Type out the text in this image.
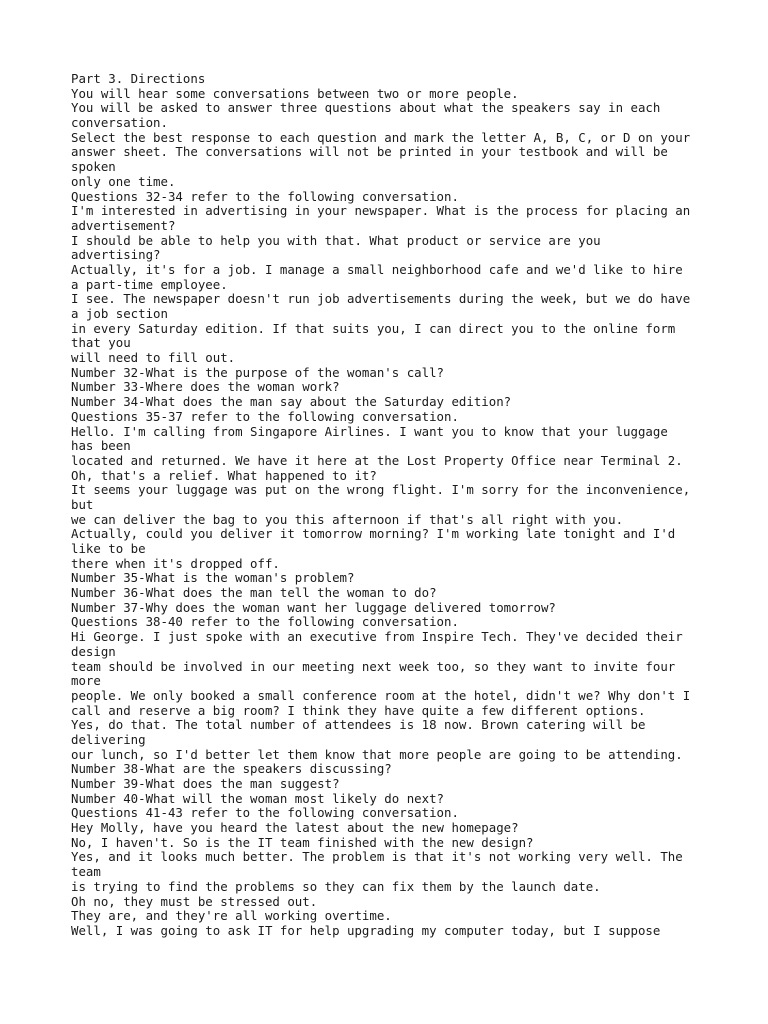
Part 3. Directions
You will hear some conversations between two or more people.
You will be asked to answer three questions about what the speakers say in each
conversation.
Select the best response to each question and mark the letter A, B, C, or D on your
answer sheet. The conversations will not be printed in your testbook and will be
spoken
only one time.
Questions 32-34 refer to the following conversation.
I'm interested in advertising in your newspaper. What is the process for placing an
advertisement?
I should be able to help you with that. What product or service are you
advertising?
Actually, it's for a job. I manage a small neighborhood cafe and we'd like to hire
a part-time employee.
I see. The newspaper doesn't run job advertisements during the week, but we do have
a job section
in every Saturday edition. If that suits you, I can direct you to the online form
that you
will need to fill out.
Number 32-What is the purpose of the woman's call?
Number 33-Where does the woman work?
Number 34-What does the man say about the Saturday edition?
Questions 35-37 refer to the following conversation.
Hello. I'm calling from Singapore Airlines. I want you to know that your luggage
has been
located and returned. We have it here at the Lost Property Office near Terminal 2.
Oh, that's a relief. What happened to it?
It seems your luggage was put on the wrong flight. I'm sorry for the inconvenience,
but
we can deliver the bag to you this afternoon if that's all right with you.
Actually, could you deliver it tomorrow morning? I'm working late tonight and I'd
like to be
there when it's dropped off.
Number 35-What is the woman's problem?
Number 36-What does the man tell the woman to do?
Number 37-Why does the woman want her luggage delivered tomorrow?
Questions 38-40 refer to the following conversation.
Hi George. I just spoke with an executive from Inspire Tech. They've decided their
design
team should be involved in our meeting next week too, so they want to invite four
more
people. We only booked a small conference room at the hotel, didn't we? Why don't I
call and reserve a big room? I think they have quite a few different options.
Yes, do that. The total number of attendees is 18 now. Brown catering will be
delivering
our lunch, so I'd better let them know that more people are going to be attending.
Number 38-What are the speakers discussing?
Number 39-What does the man suggest?
Number 40-What will the woman most likely do next?
Questions 41-43 refer to the following conversation.
Hey Molly, have you heard the latest about the new homepage?
No, I haven't. So is the IT team finished with the new design?
Yes, and it looks much better. The problem is that it's not working very well. The
team
is trying to find the problems so they can fix them by the launch date.
Oh no, they must be stressed out.
They are, and they're all working overtime.
Well, I was going to ask IT for help upgrading my computer today, but I suppose
